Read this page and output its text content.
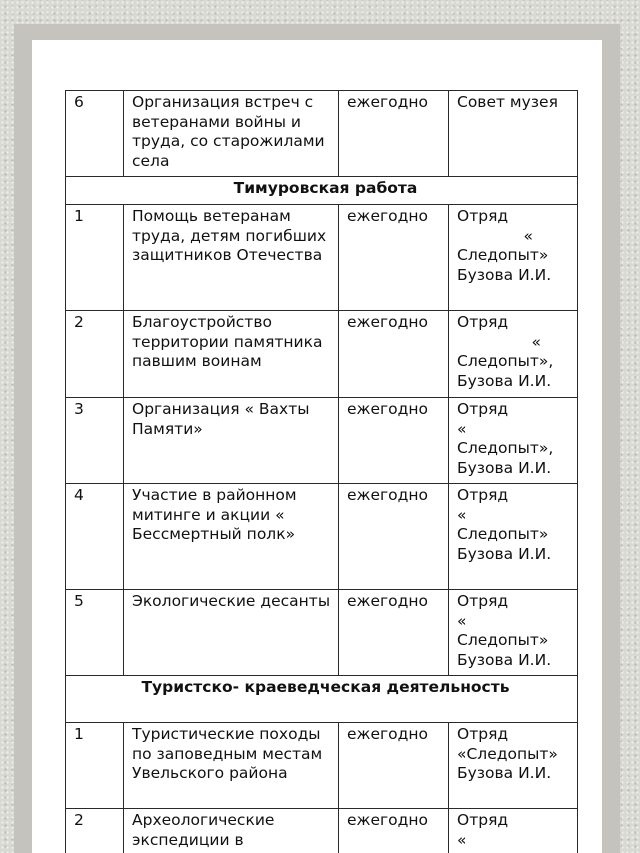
6	Организация встреч с ветеранами войны и труда, со старожилами села	ежегодно	Совет музея
Тимуровская работа			
1	Помощь ветеранам труда, детям погибших защитников Отечества	ежегодно	Отряд
«
Следопыт»
Бузова И.И.

2	Благоустройство территории памятника павшим воинам	ежегодно	Отряд
«
Следопыт»,
Бузова И.И.

3	Организация « Вахты Памяти»	ежегодно	Отряд
«
Следопыт»,
Бузова И.И.

4	Участие в районном митинге и акции « Бессмертный полк»	ежегодно	Отряд
«
Следопыт»
Бузова И.И.

5	Экологические десанты	ежегодно	Отряд
«
Следопыт»
Бузова И.И.

Туристско- краеведческая деятельность			
1	Туристические походы по заповедным местам Увельского района	ежегодно	Отряд
«Следопыт»
Бузова И.И.

2	Археологические экспедиции в	ежегодно	Отряд
«
